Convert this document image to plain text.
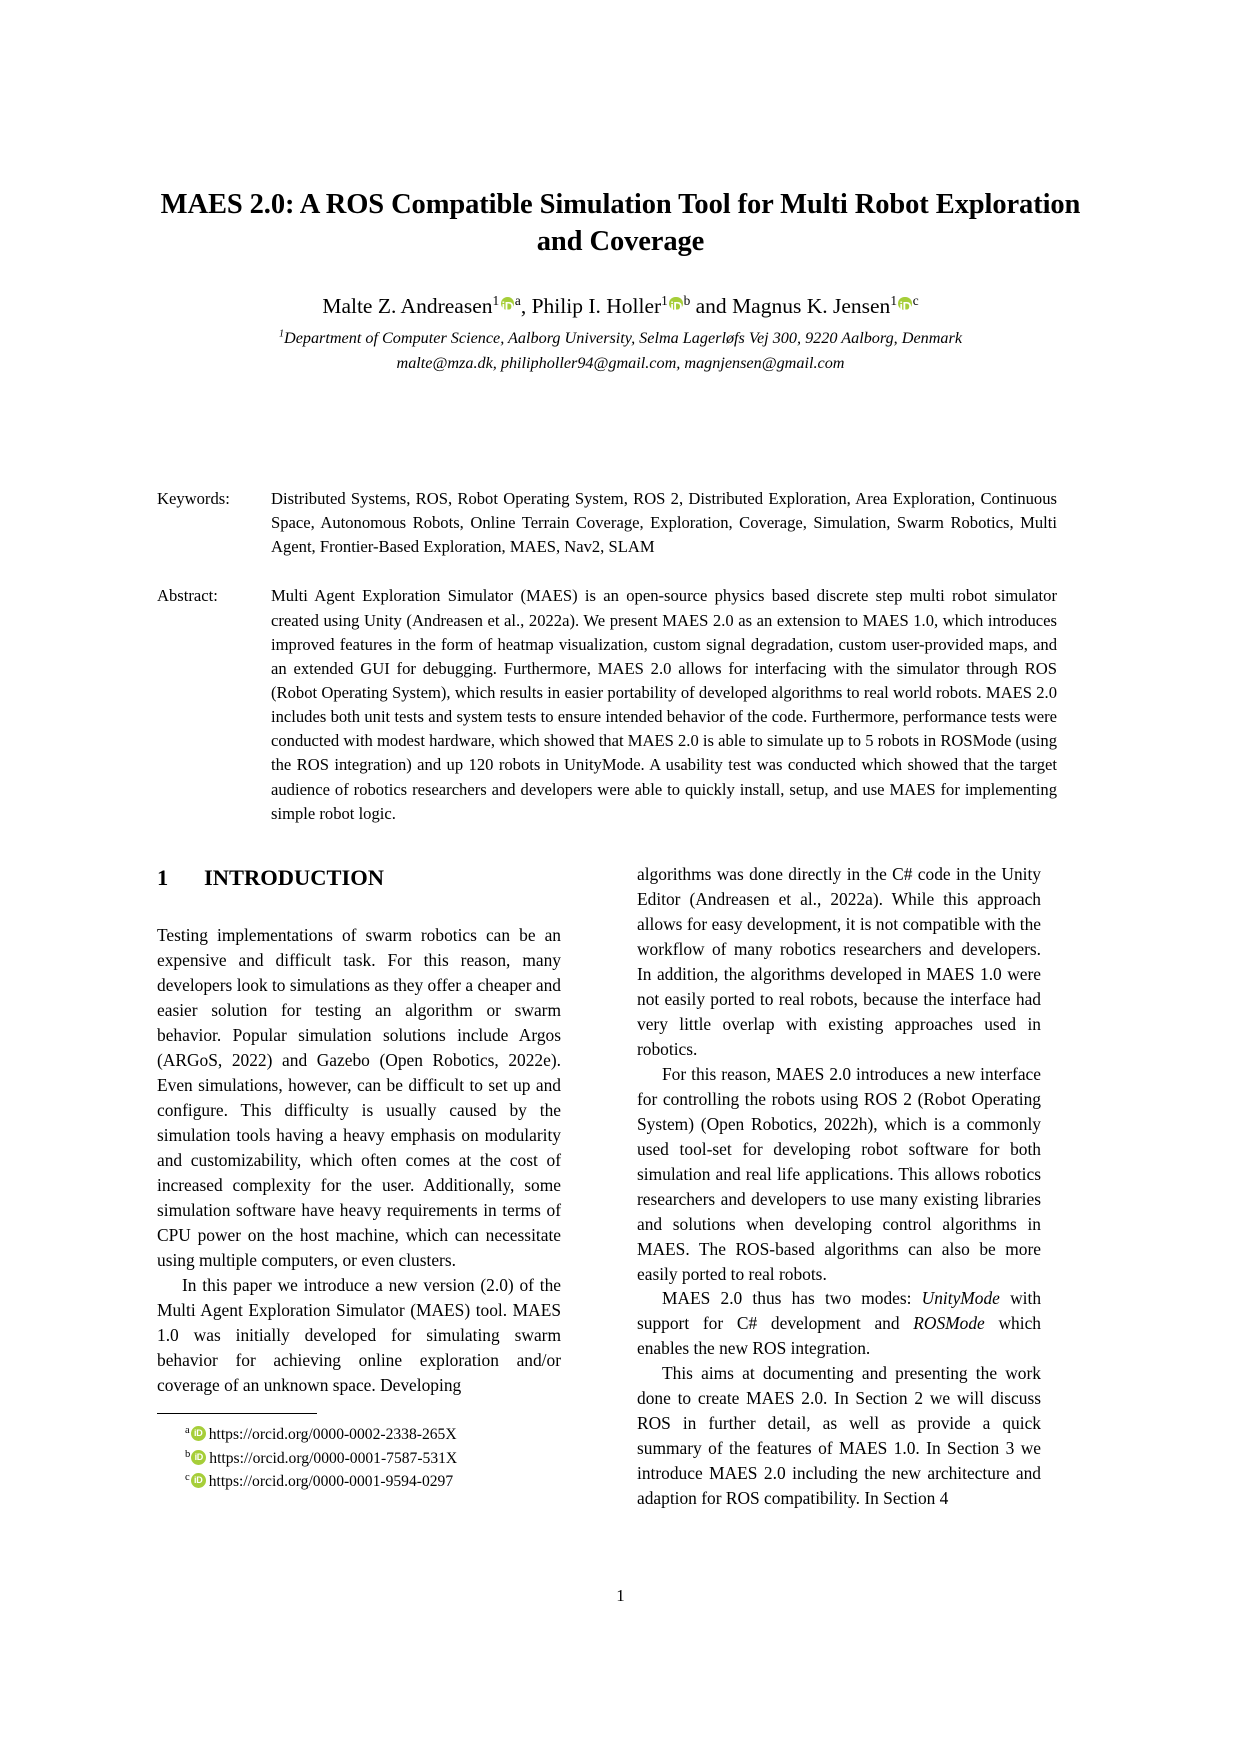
MAES 2.0: A ROS Compatible Simulation Tool for Multi Robot Exploration and Coverage
Malte Z. Andreasen$^1$ iD $^a$, Philip I. Holler$^1$ iD $^b$ and Magnus K. Jensen$^1$ iD $^c$
$^1$Department of Computer Science, Aalborg University, Selma Lagerløfs Vej 300, 9220 Aalborg, Denmark
malte@mza.dk, philipholler94@gmail.com, magnjensen@gmail.com
Keywords:	Distributed Systems, ROS, Robot Operating System, ROS 2, Distributed Exploration, Area Exploration, Continuous Space, Autonomous Robots, Online Terrain Coverage, Exploration, Coverage, Simulation, Swarm Robotics, Multi Agent, Frontier-Based Exploration, MAES, Nav2, SLAM
Abstract:	Multi Agent Exploration Simulator (MAES) is an open-source physics based discrete step multi robot simulator created using Unity (Andreasen et al., 2022a). We present MAES 2.0 as an extension to MAES 1.0, which introduces improved features in the form of heatmap visualization, custom signal degradation, custom user-provided maps, and an extended GUI for debugging. Furthermore, MAES 2.0 allows for interfacing with the simulator through ROS (Robot Operating System), which results in easier portability of developed algorithms to real world robots. MAES 2.0 includes both unit tests and system tests to ensure intended behavior of the code. Furthermore, performance tests were conducted with modest hardware, which showed that MAES 2.0 is able to simulate up to 5 robots in ROSMode (using the ROS integration) and up 120 robots in UnityMode. A usability test was conducted which showed that the target audience of robotics researchers and developers were able to quickly install, setup, and use MAES for implementing simple robot logic.
1	INTRODUCTION

Testing implementations of swarm robotics can be an expensive and difficult task. For this reason, many developers look to simulations as they offer a cheaper and easier solution for testing an algorithm or swarm behavior. Popular simulation solutions include Argos (ARGoS, 2022) and Gazebo (Open Robotics, 2022e). Even simulations, however, can be difficult to set up and configure. This difficulty is usually caused by the simulation tools having a heavy emphasis on modularity and customizability, which often comes at the cost of increased complexity for the user. Additionally, some simulation software have heavy requirements in terms of CPU power on the host machine, which can necessitate using multiple computers, or even clusters.

In this paper we introduce a new version (2.0) of the Multi Agent Exploration Simulator (MAES) tool. MAES 1.0 was initially developed for simulating swarm behavior for achieving online exploration and/or coverage of an unknown space. Developing

algorithms was done directly in the C# code in the Unity Editor (Andreasen et al., 2022a). While this approach allows for easy development, it is not compatible with the workflow of many robotics researchers and developers. In addition, the algorithms developed in MAES 1.0 were not easily ported to real robots, because the interface had very little overlap with existing approaches used in robotics.

For this reason, MAES 2.0 introduces a new interface for controlling the robots using ROS 2 (Robot Operating System) (Open Robotics, 2022h), which is a commonly used tool-set for developing robot software for both simulation and real life applications. This allows robotics researchers and developers to use many existing libraries and solutions when developing control algorithms in MAES. The ROS-based algorithms can also be more easily ported to real robots.

MAES 2.0 thus has two modes: UnityMode with support for C# development and ROSMode which enables the new ROS integration.

This aims at documenting and presenting the work done to create MAES 2.0. In Section 2 we will discuss ROS in further detail, as well as provide a quick summary of the features of MAES 1.0. In Section 3 we introduce MAES 2.0 including the new architecture and adaption for ROS compatibility. In Section 4

$^a$ iD https://orcid.org/0000-0002-2338-265X
$^b$ iD https://orcid.org/0000-0001-7587-531X
$^c$ iD https://orcid.org/0000-0001-9594-0297
1
